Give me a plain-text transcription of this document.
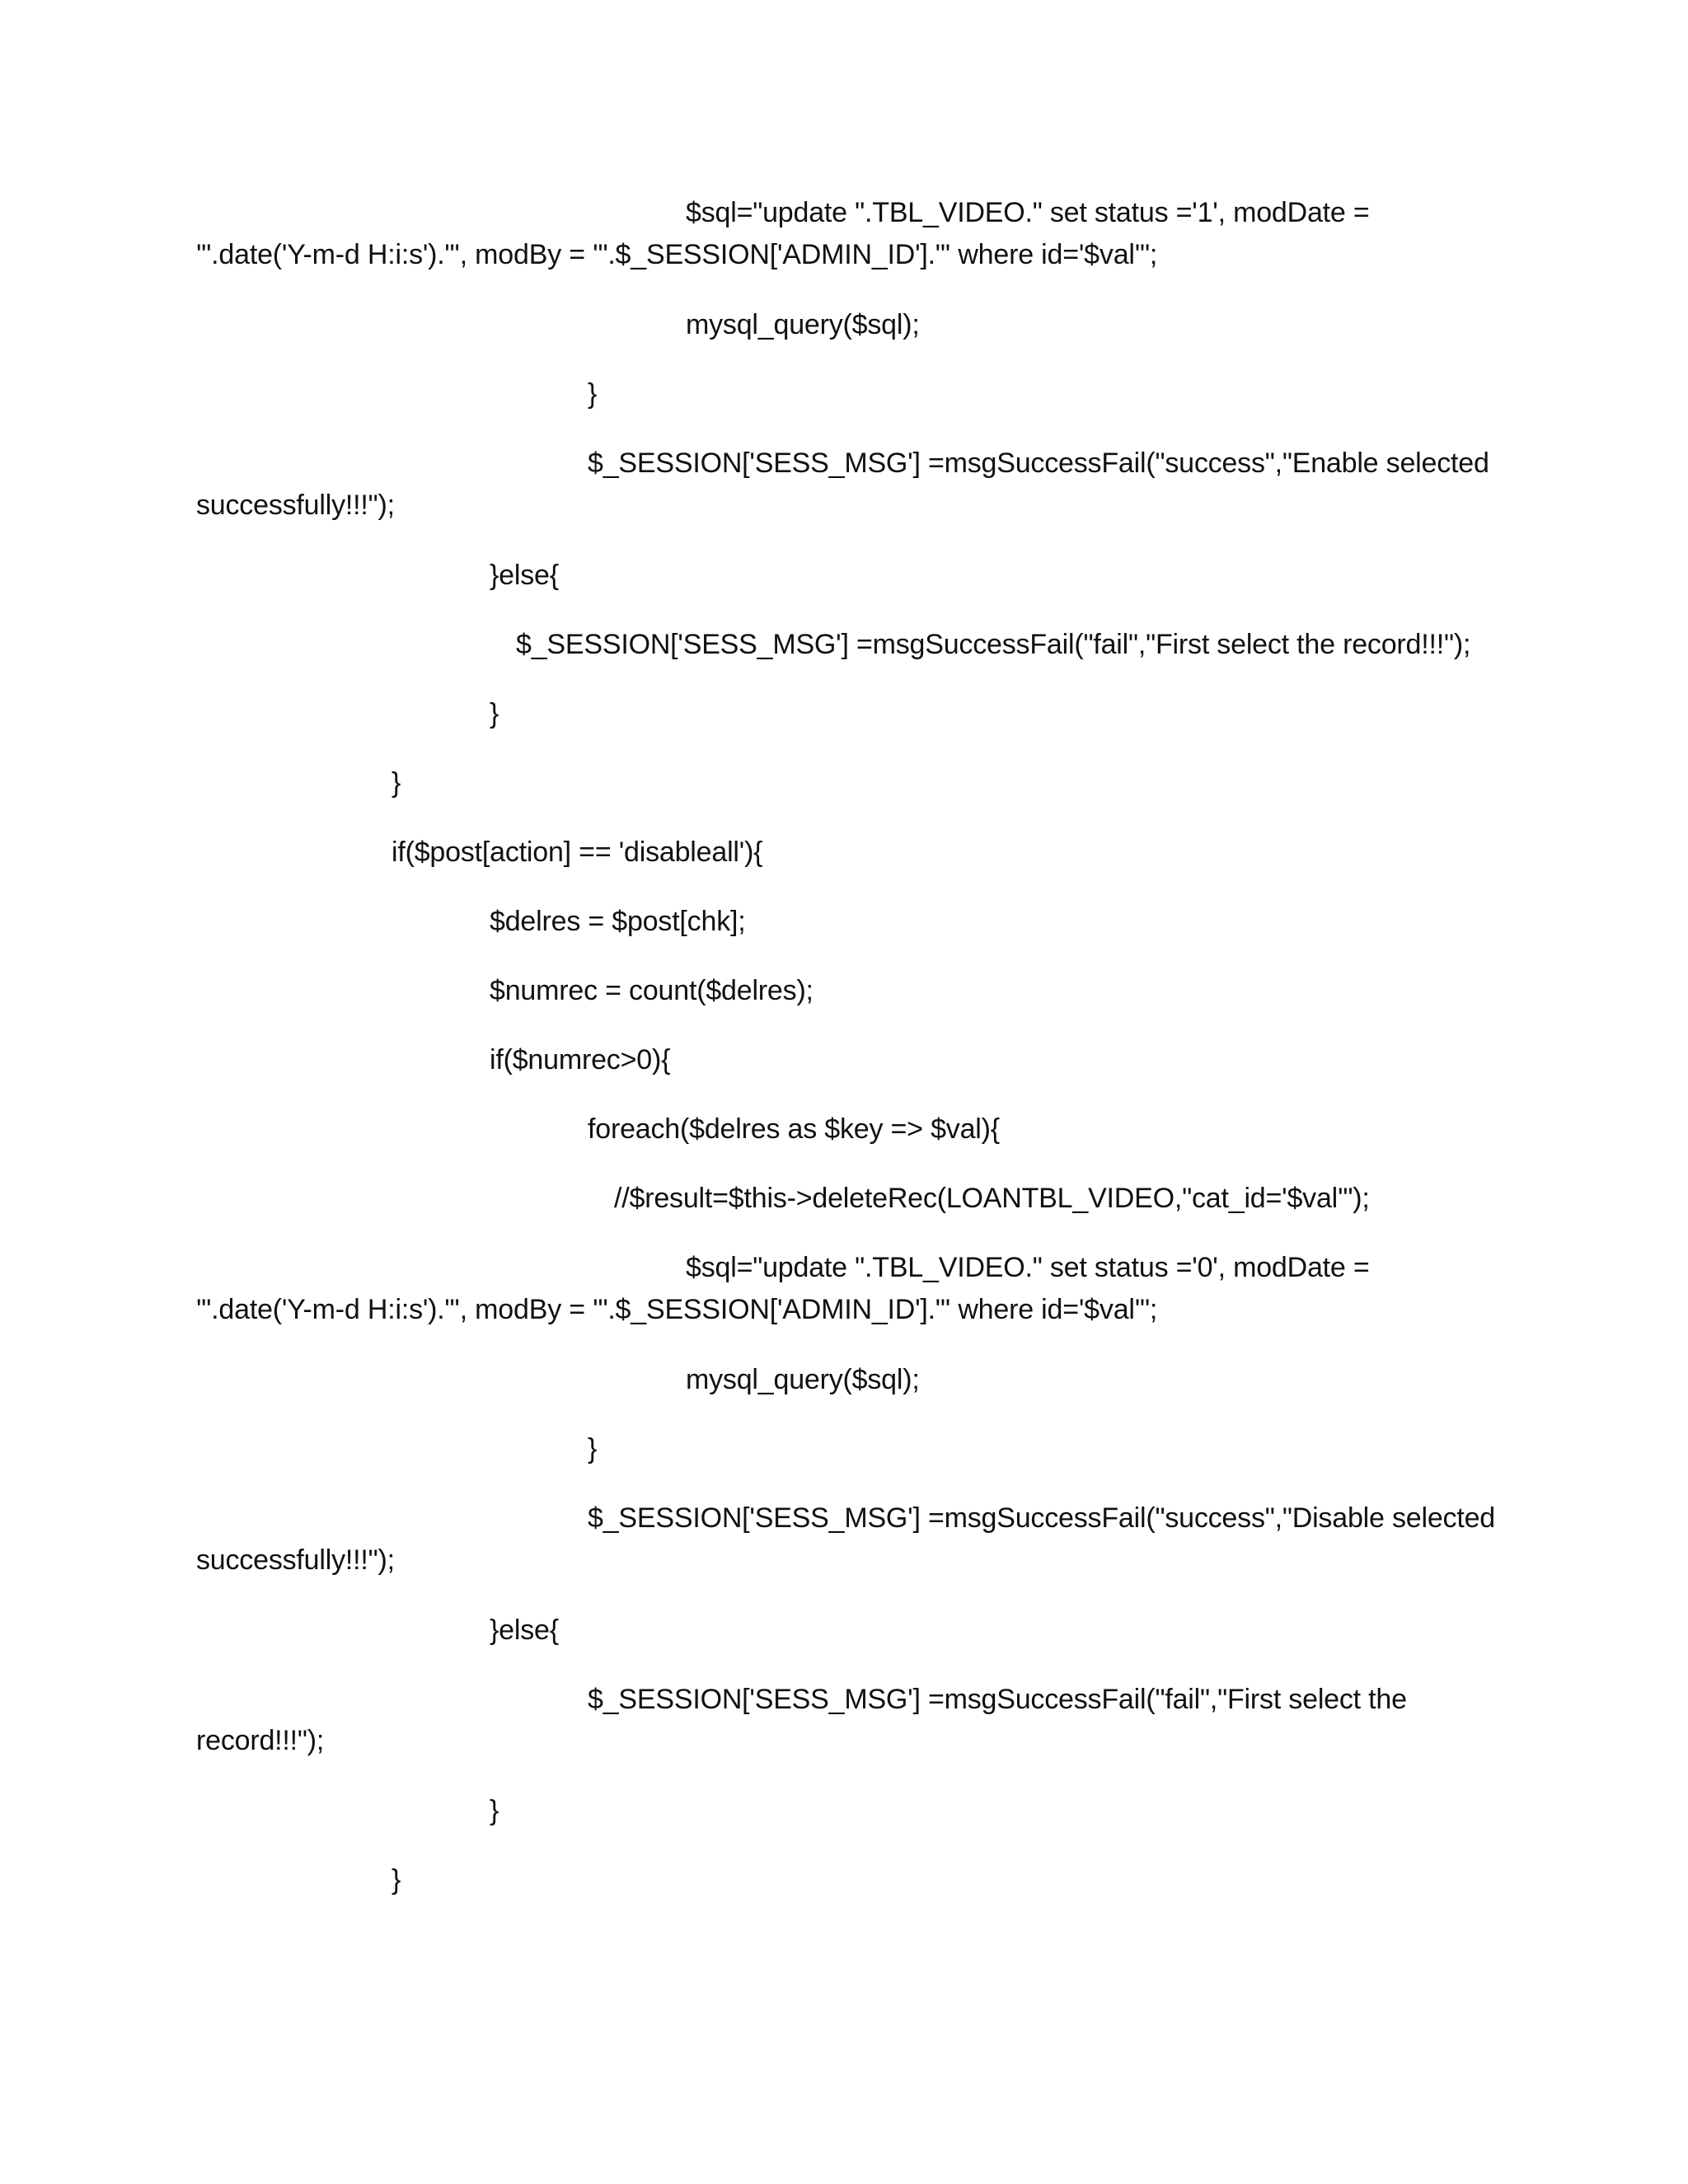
$sql="update ".TBL_VIDEO." set status ='1', modDate =
'".date('Y-m-d H:i:s')."', modBy = '".$_SESSION['ADMIN_ID']."' where id='$val'";
mysql_query($sql);
}
$_SESSION['SESS_MSG'] =msgSuccessFail("success","Enable selected
successfully!!!");
}else{
$_SESSION['SESS_MSG'] =msgSuccessFail("fail","First select the record!!!");
}
}
if($post[action] == 'disableall'){
$delres = $post[chk];
$numrec = count($delres);
if($numrec>0){
foreach($delres as $key => $val){
//$result=$this->deleteRec(LOANTBL_VIDEO,"cat_id='$val'");
$sql="update ".TBL_VIDEO." set status ='0', modDate =
'".date('Y-m-d H:i:s')."', modBy = '".$_SESSION['ADMIN_ID']."' where id='$val'";
mysql_query($sql);
}
$_SESSION['SESS_MSG'] =msgSuccessFail("success","Disable selected
successfully!!!");
}else{
$_SESSION['SESS_MSG'] =msgSuccessFail("fail","First select the
record!!!");
}
}
